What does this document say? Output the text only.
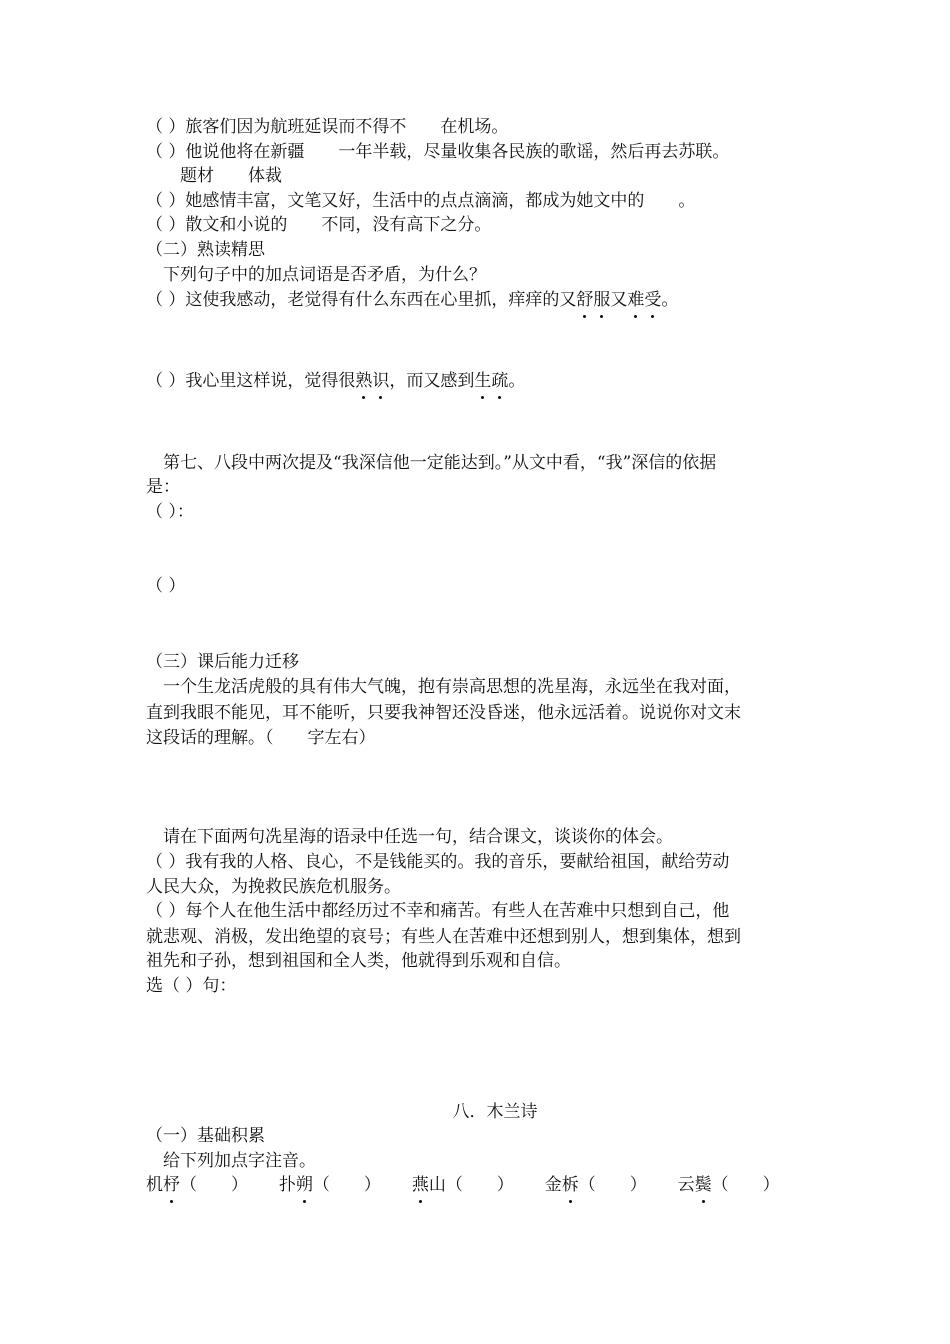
（ ）旅客们因为航班延误而不得不　　在机场。
（ ）他说他将在新疆　　一年半载，尽量收集各民族的歌谣，然后再去苏联。
　　题材　　体裁
（ ）她感情丰富，文笔又好，生活中的点点滴滴，都成为她文中的　　。
（ ）散文和小说的　　不同，没有高下之分。
（二）熟读精思
　下列句子中的加点词语是否矛盾，为什么？
（ ）这使我感动，老觉得有什么东西在心里抓，痒痒的又舒服又难受。
（ ）我心里这样说，觉得很熟识，而又感到生疏。
　第七、八段中两次提及“我深信他一定能达到。”从文中看，“我”深信的依据
是：
（ ）：
（ ）
（三）课后能力迁移
　一个生龙活虎般的具有伟大气魄，抱有崇高思想的冼星海，永远坐在我对面，
直到我眼不能见，耳不能听，只要我神智还没昏迷，他永远活着。说说你对文末
这段话的理解。（　　字左右）
　请在下面两句冼星海的语录中任选一句，结合课文，谈谈你的体会。
（ ）我有我的人格、良心，不是钱能买的。我的音乐，要献给祖国，献给劳动
人民大众，为挽救民族危机服务。
（ ）每个人在他生活中都经历过不幸和痛苦。有些人在苦难中只想到自己，他
就悲观、消极，发出绝望的哀号；有些人在苦难中还想到别人，想到集体，想到
祖先和子孙，想到祖国和全人类，他就得到乐观和自信。
选（ ）句：
八．木兰诗
（一）基础积累
　给下列加点字注音。
机杼（　　）　　 扑朔（　　）　　 燕山（　　）　　 金柝（　　）　　 云鬓（　　）
